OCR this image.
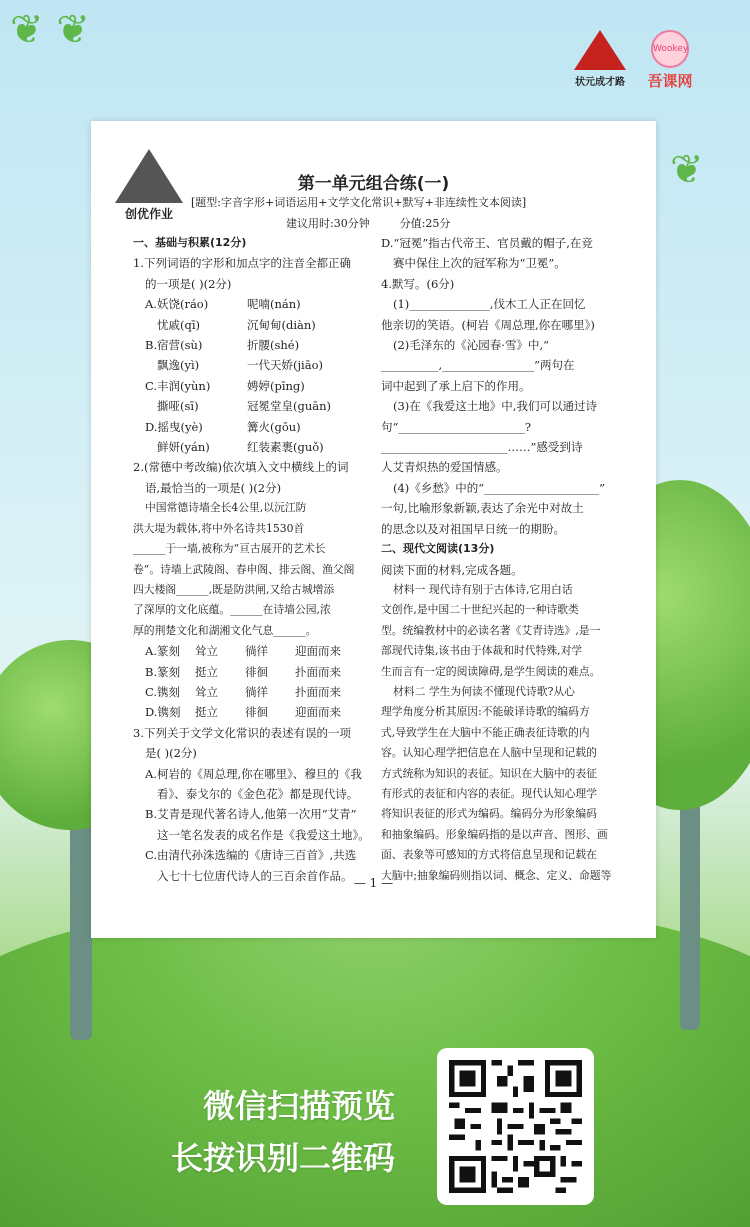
❦ ❦
❦
状元成才路
Wookey
吾课网
创优作业
第一单元组合练(一)
[题型:字音字形+词语运用+文学文化常识+默写+非连续性文本阅读]
建议用时:30分钟	分值:25分

一、基础与积累(12分)

1.下列词语的字形和加点字的注音全都正确

的一项是( )(2分)

A.妖饶(ráo)	呢喃(nán)

忧戚(qī)	沉甸甸(diàn)

B.宿营(sù)	折腰(shé)

飘逸(yì)	一代天娇(jiāo)

C.丰润(yùn)	娉婷(pīng)

撕哑(sī)	冠冕堂皇(guān)

D.摇曳(yè)	篝火(gōu)

鲜妍(yán)	红装素裹(guǒ)

2.(常德中考改编)依次填入文中横线上的词

语,最恰当的一项是( )(2分)

中国常德诗墙全长4公里,以沅江防

洪大堤为载体,将中外名诗共1530首

______于一墙,被称为“亘古展开的艺术长

卷”。诗墙上武陵阁、春申阁、排云阁、渔父阁

四大楼阁______,既是防洪闸,又给古城增添

了深厚的文化底蕴。______在诗墙公园,浓

厚的荆楚文化和湖湘文化气息______。

A.篆刻 耸立 徜徉 迎面而来

B.篆刻 挺立 徘徊 扑面而来

C.镌刻 耸立 徜徉 扑面而来

D.镌刻 挺立 徘徊 迎面而来

3.下列关于文学文化常识的表述有误的一项

是( )(2分)

A.柯岩的《周总理,你在哪里》、穆旦的《我

看》、泰戈尔的《金色花》都是现代诗。

B.艾青是现代著名诗人,他第一次用“艾青”

这一笔名发表的成名作是《我爱这土地》。

C.由清代孙洙选编的《唐诗三百首》,共选

入七十七位唐代诗人的三百余首作品。

D.“冠冕”指古代帝王、官员戴的帽子,在竞

赛中保住上次的冠军称为“卫冕”。

4.默写。(6分)

(1)______________,伐木工人正在回忆

他亲切的笑语。(柯岩《周总理,你在哪里》)

(2)毛泽东的《沁园春·雪》中,“

__________,________________”两句在

词中起到了承上启下的作用。

(3)在《我爱这土地》中,我们可以通过诗

句“______________________?

______________________……”感受到诗

人艾青炽热的爱国情感。

(4)《乡愁》中的“____________________”

一句,比喻形象新颖,表达了余光中对故土

的思念以及对祖国早日统一的期盼。

二、现代文阅读(13分)

阅读下面的材料,完成各题。

材料一 现代诗有别于古体诗,它用白话

文创作,是中国二十世纪兴起的一种诗歌类

型。统编教材中的必读名著《艾青诗选》,是一

部现代诗集,该书由于体裁和时代特殊,对学

生而言有一定的阅读障碍,是学生阅读的难点。

材料二 学生为何读不懂现代诗歌?从心

理学角度分析其原因:不能破译诗歌的编码方

式,导致学生在大脑中不能正确表征诗歌的内

容。认知心理学把信息在人脑中呈现和记载的

方式统称为知识的表征。知识在大脑中的表征

有形式的表征和内容的表征。现代认知心理学

将知识表征的形式为编码。编码分为形象编码

和抽象编码。形象编码指的是以声音、图形、画

面、表象等可感知的方式将信息呈现和记载在

大脑中;抽象编码则指以词、概念、定义、命题等

— 1 —
微信扫描预览
长按识别二维码
